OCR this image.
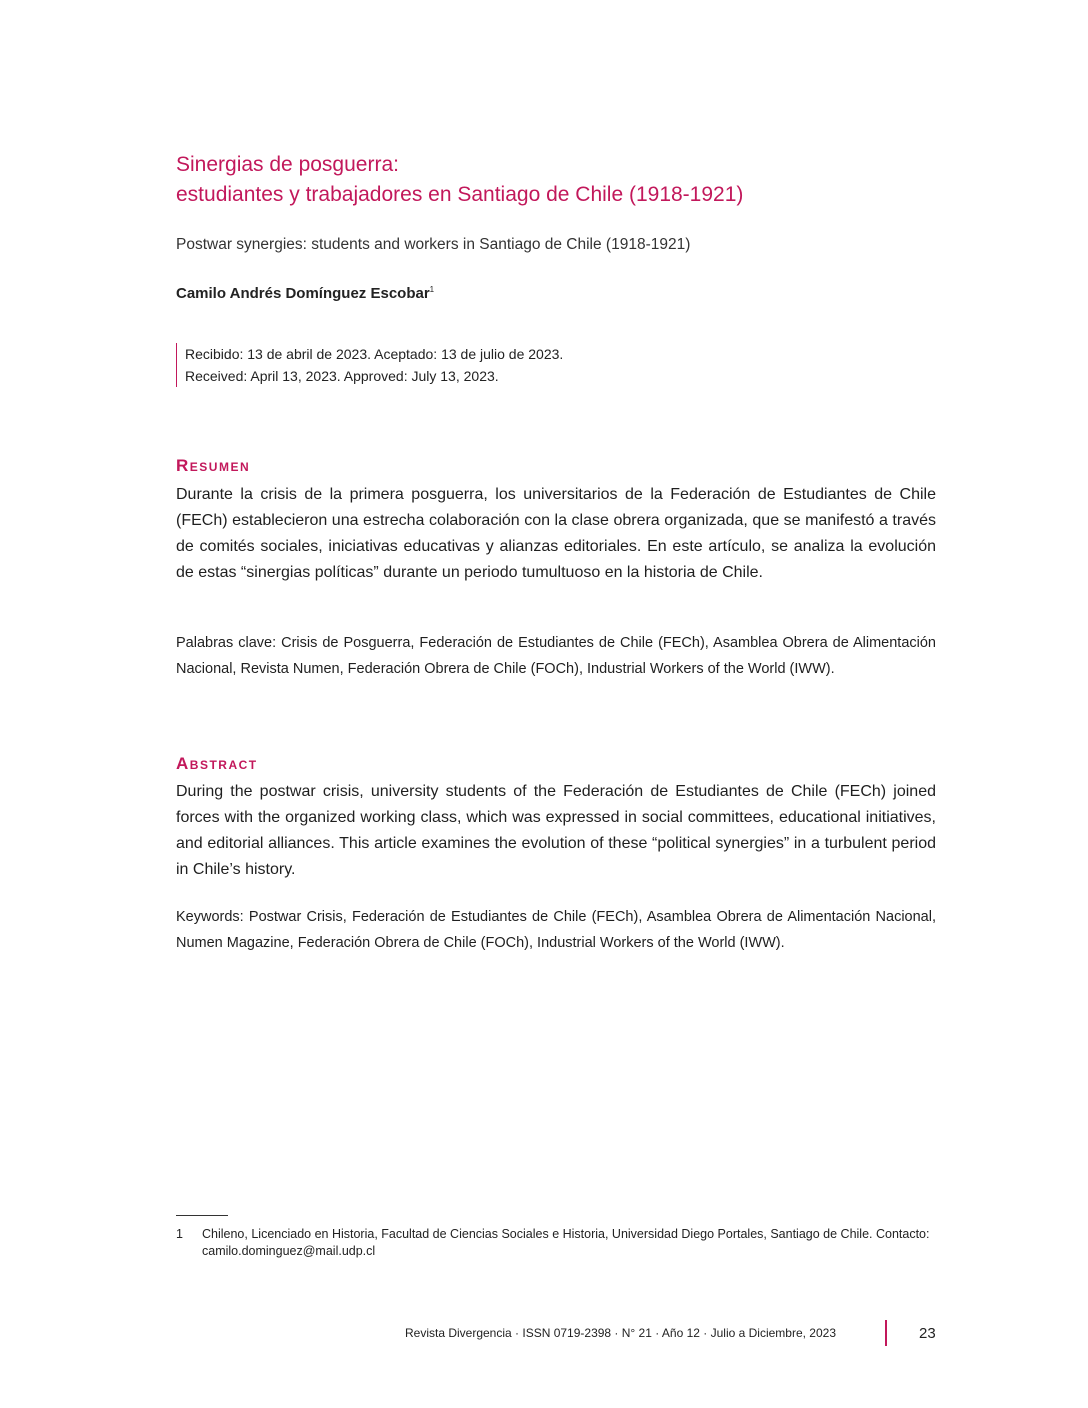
Sinergias de posguerra:
estudiantes y trabajadores en Santiago de Chile (1918-1921)

Postwar synergies: students and workers in Santiago de Chile (1918-1921)

Camilo Andrés Domínguez Escobar$^1$

Recibido: 13 de abril de 2023. Aceptado: 13 de julio de 2023.
Received: April 13, 2023. Approved: July 13, 2023.
Resumen

Durante la crisis de la primera posguerra, los universitarios de la Federación de Estudiantes de Chile (FECh) establecieron una estrecha colaboración con la clase obrera organizada, que se manifestó a través de comités sociales, iniciativas educativas y alianzas editoriales. En este artículo, se analiza la evolución de estas “sinergias políticas” durante un periodo tumultuoso en la historia de Chile.

Palabras clave: Crisis de Posguerra, Federación de Estudiantes de Chile (FECh), Asamblea Obrera de Alimentación Nacional, Revista Numen, Federación Obrera de Chile (FOCh), Industrial Workers of the World (IWW).

Abstract

During the postwar crisis, university students of the Federación de Estudiantes de Chile (FECh) joined forces with the organized working class, which was expressed in social committees, educational initiatives, and editorial alliances. This article examines the evolution of these “political synergies” in a turbulent period in Chile’s history.

Keywords: Postwar Crisis, Federación de Estudiantes de Chile (FECh), Asamblea Obrera de Alimentación Nacional, Numen Magazine, Federación Obrera de Chile (FOCh), Industrial Workers of the World (IWW).

1 Chileno, Licenciado en Historia, Facultad de Ciencias Sociales e Historia, Universidad Diego Portales, Santiago de Chile. Contacto: camilo.dominguez@mail.udp.cl
Revista Divergencia · ISSN 0719-2398 · N° 21 · Año 12 · Julio a Diciembre, 2023	23
